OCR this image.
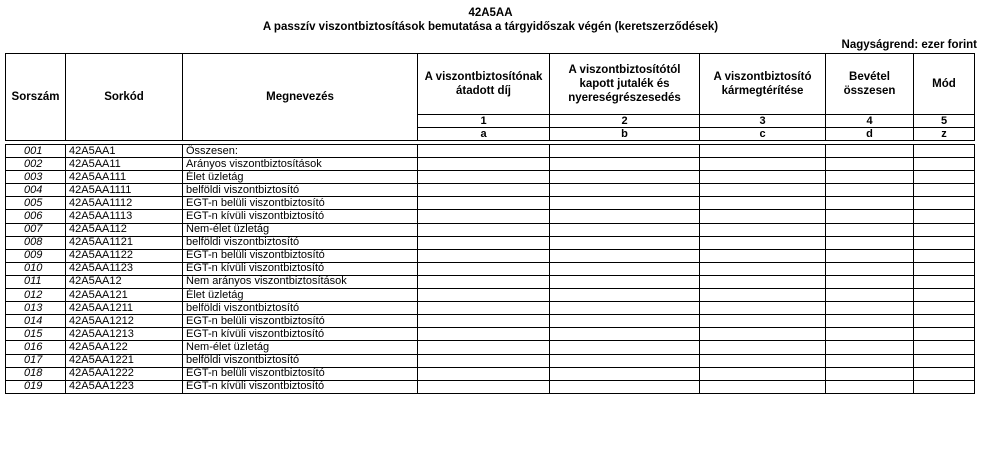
42A5AA
A passzív viszontbiztosítások bemutatása a tárgyidőszak végén (keretszerződések)
Nagyságrend: ezer forint
Sorszám	Sorkód	Megnevezés	A viszontbiztosítónak átadott díj	A viszontbiztosítótól kapott jutalék és nyereségrészesedés	A viszontbiztosító kármegtérítése	Bevétel összesen	Mód
			1	2	3	4	5
			a	b	c	d	z

001	42A5AA1	Összesen:					
002	42A5AA11	Arányos viszontbiztosítások					
003	42A5AA111	Élet üzletág					
004	42A5AA1111	belföldi viszontbiztosító					
005	42A5AA1112	EGT-n belüli viszontbiztosító					
006	42A5AA1113	EGT-n kívüli viszontbiztosító					
007	42A5AA112	Nem-élet üzletág					
008	42A5AA1121	belföldi viszontbiztosító					
009	42A5AA1122	EGT-n belüli viszontbiztosító					
010	42A5AA1123	EGT-n kívüli viszontbiztosító					
011	42A5AA12	Nem arányos viszontbiztosítások					
012	42A5AA121	Élet üzletág					
013	42A5AA1211	belföldi viszontbiztosító					
014	42A5AA1212	EGT-n belüli viszontbiztosító					
015	42A5AA1213	EGT-n kívüli viszontbiztosító					
016	42A5AA122	Nem-élet üzletág					
017	42A5AA1221	belföldi viszontbiztosító					
018	42A5AA1222	EGT-n belüli viszontbiztosító					
019	42A5AA1223	EGT-n kívüli viszontbiztosító					
